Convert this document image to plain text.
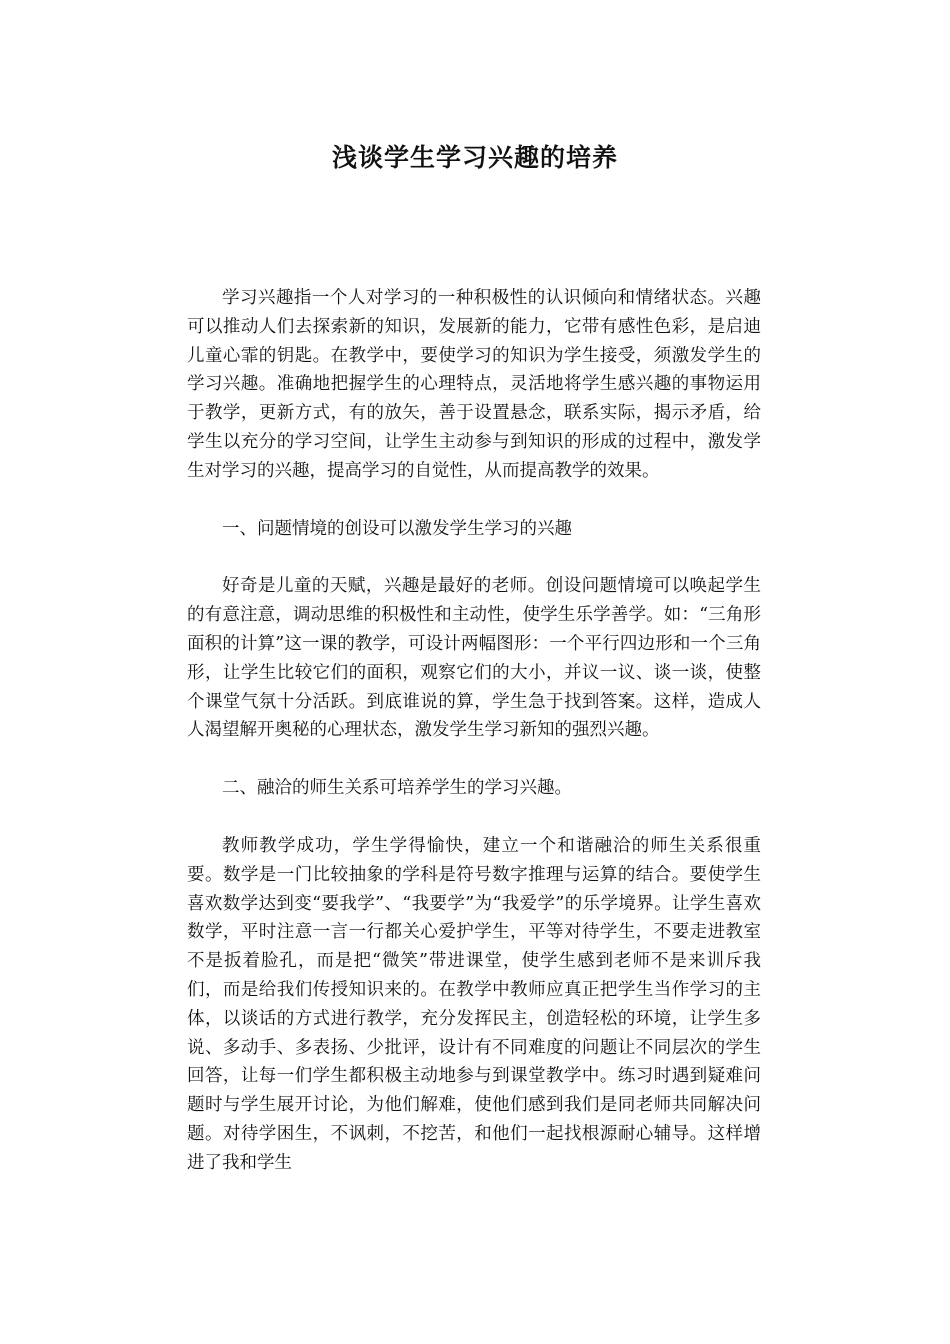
浅谈学生学习兴趣的培养

学习兴趣指一个人对学习的一种积极性的认识倾向和情绪状态。兴趣可以推动人们去探索新的知识，发展新的能力，它带有感性色彩，是启迪儿童心霏的钥匙。在教学中，要使学习的知识为学生接受，须激发学生的学习兴趣。准确地把握学生的心理特点，灵活地将学生感兴趣的事物运用于教学，更新方式，有的放矢，善于设置悬念，联系实际，揭示矛盾，给学生以充分的学习空间，让学生主动参与到知识的形成的过程中，激发学生对学习的兴趣，提高学习的自觉性，从而提高教学的效果。

一、问题情境的创设可以激发学生学习的兴趣

好奇是儿童的天赋，兴趣是最好的老师。创设问题情境可以唤起学生的有意注意，调动思维的积极性和主动性，使学生乐学善学。如：“三角形面积的计算”这一课的教学，可设计两幅图形：一个平行四边形和一个三角形，让学生比较它们的面积，观察它们的大小，并议一议、谈一谈，使整个课堂气氛十分活跃。到底谁说的算，学生急于找到答案。这样，造成人人渴望解开奥秘的心理状态，激发学生学习新知的强烈兴趣。

二、融洽的师生关系可培养学生的学习兴趣。

教师教学成功，学生学得愉快，建立一个和谐融洽的师生关系很重要。数学是一门比较抽象的学科是符号数字推理与运算的结合。要使学生喜欢数学达到变“要我学”、“我要学”为“我爱学”的乐学境界。让学生喜欢数学，平时注意一言一行都关心爱护学生，平等对待学生，不要走进教室不是扳着脸孔，而是把“微笑”带进课堂，使学生感到老师不是来训斥我们，而是给我们传授知识来的。在教学中教师应真正把学生当作学习的主体，以谈话的方式进行教学，充分发挥民主，创造轻松的环境，让学生多说、多动手、多表扬、少批评，设计有不同难度的问题让不同层次的学生回答，让每一们学生都积极主动地参与到课堂教学中。练习时遇到疑难问题时与学生展开讨论，为他们解难，使他们感到我们是同老师共同解决问题。对待学困生，不讽刺，不挖苦，和他们一起找根源耐心辅导。这样增进了我和学生
